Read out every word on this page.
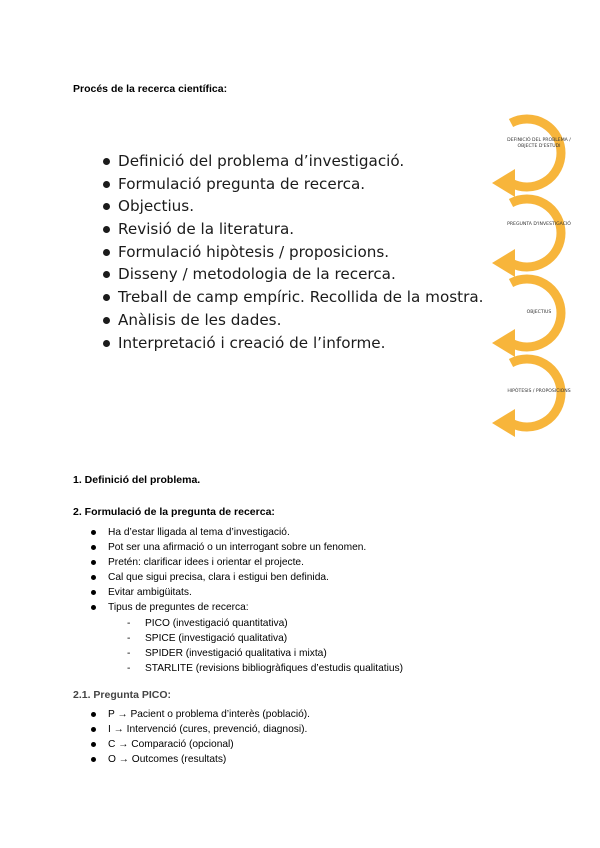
Procés de la recerca científica:
Definició del problema d’investigació.
Formulació pregunta de recerca.
Objectius.
Revisió de la literatura.
Formulació hipòtesis / proposicions.
Disseny / metodologia de la recerca.
Treball de camp empíric. Recollida de la mostra.
Anàlisis de les dades.
Interpretació i creació de l’informe.
DEFINICIÓ DEL PROBLEMA / OBJECTE D'ESTUDI
PREGUNTA D'INVESTIGACIÓ
OBJECTIUS
HIPÒTESIS / PROPOSICIONS
1. Definició del problema.
2. Formulació de la pregunta de recerca:
Ha d’estar lligada al tema d’investigació.
Pot ser una afirmació o un interrogant sobre un fenomen.
Pretén: clarificar idees i orientar el projecte.
Cal que sigui precisa, clara i estigui ben definida.
Evitar ambigüitats.
Tipus de preguntes de recerca:
- PICO (investigació quantitativa)
- SPICE (investigació qualitativa)
- SPIDER (investigació qualitativa i mixta)
- STARLITE (revisions bibliogràfiques d’estudis qualitatius)
2.1. Pregunta PICO:
P → Pacient o problema d’interès (població).
I → Intervenció (cures, prevenció, diagnosi).
C → Comparació (opcional)
O → Outcomes (resultats)
